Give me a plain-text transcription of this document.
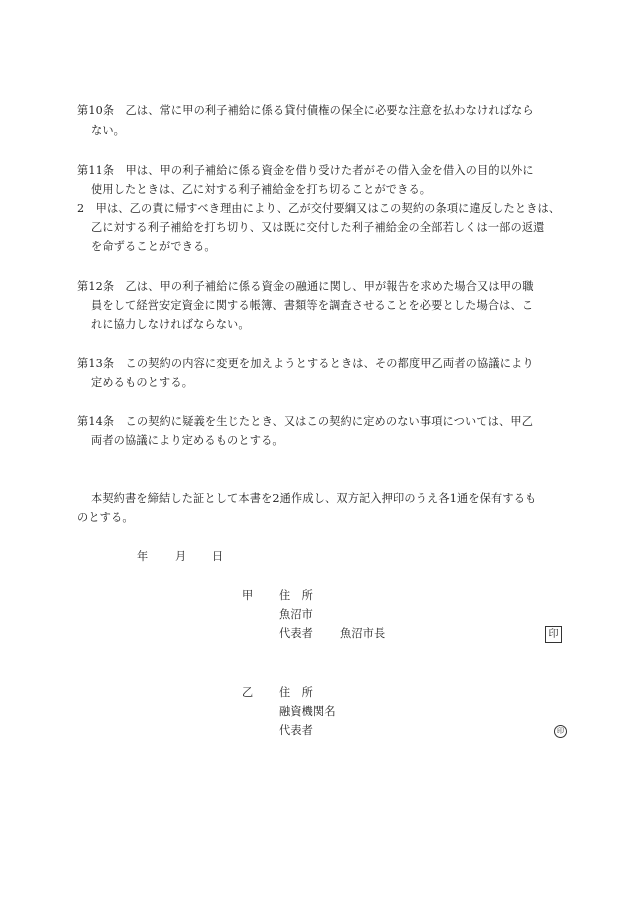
第10条　乙は、常に甲の利子補給に係る貸付債権の保全に必要な注意を払わなければなら
ない。
第11条　甲は、甲の利子補給に係る資金を借り受けた者がその借入金を借入の目的以外に
使用したときは、乙に対する利子補給金を打ち切ることができる。
2　甲は、乙の責に帰すべき理由により、乙が交付要綱又はこの契約の条項に違反したときは、
乙に対する利子補給を打ち切り、又は既に交付した利子補給金の全部若しくは一部の返還
を命ずることができる。
第12条　乙は、甲の利子補給に係る資金の融通に関し、甲が報告を求めた場合又は甲の職
員をして経営安定資金に関する帳簿、書類等を調査させることを必要とした場合は、こ
れに協力しなければならない。
第13条　この契約の内容に変更を加えようとするときは、その都度甲乙両者の協議により
定めるものとする。
第14条　この契約に疑義を生じたとき、又はこの契約に定めのない事項については、甲乙
両者の協議により定めるものとする。
本契約書を締結した証として本書を2通作成し、双方記入押印のうえ各1通を保有するも
のとする。
年 月 日
甲 住　所
魚沼市
代表者 魚沼市長	印
乙 住　所
融資機関名
代表者	印
